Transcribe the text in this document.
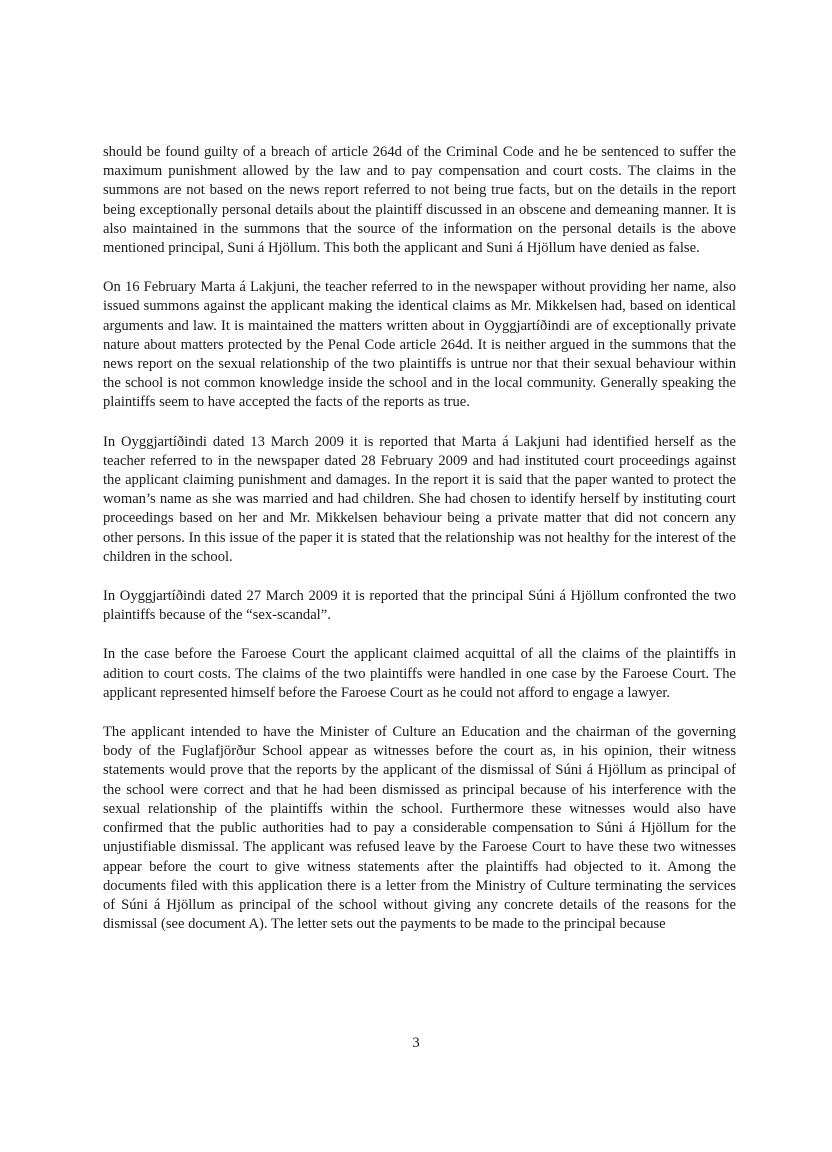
should be found guilty of a breach of article 264d of the Criminal Code and he be sentenced to suffer the maximum punishment allowed by the law and to pay compensation and court costs. The claims in the summons are not based on the news report referred to not being true facts, but on the details in the report being exceptionally personal details about the plaintiff discussed in an obscene and demeaning manner. It is also maintained in the summons that the source of the information on the personal details is the above mentioned principal, Suni á Hjöllum. This both the applicant and Suni á Hjöllum have denied as false.

On 16 February Marta á Lakjuni, the teacher referred to in the newspaper without providing her name, also issued summons against the applicant making the identical claims as Mr. Mikkelsen had, based on identical arguments and law. It is maintained the matters written about in Oyggjartíðindi are of exceptionally private nature about matters protected by the Penal Code article 264d. It is neither argued in the summons that the news report on the sexual relationship of the two plaintiffs is untrue nor that their sexual behaviour within the school is not common knowledge inside the school and in the local community. Generally speaking the plaintiffs seem to have accepted the facts of the reports as true.

In Oyggjartíðindi dated 13 March 2009 it is reported that Marta á Lakjuni had identified herself as the teacher referred to in the newspaper dated 28 February 2009 and had instituted court proceedings against the applicant claiming punishment and damages. In the report it is said that the paper wanted to protect the woman’s name as she was married and had children. She had chosen to identify herself by instituting court proceedings based on her and Mr. Mikkelsen behaviour being a private matter that did not concern any other persons. In this issue of the paper it is stated that the relationship was not healthy for the interest of the children in the school.

In Oyggjartíðindi dated 27 March 2009 it is reported that the principal Súni á Hjöllum confronted the two plaintiffs because of the “sex-scandal”.

In the case before the Faroese Court the applicant claimed acquittal of all the claims of the plaintiffs in adition to court costs. The claims of the two plaintiffs were handled in one case by the Faroese Court. The applicant represented himself before the Faroese Court as he could not afford to engage a lawyer.

The applicant intended to have the Minister of Culture an Education and the chairman of the governing body of the Fuglafjörður School appear as witnesses before the court as, in his opinion, their witness statements would prove that the reports by the applicant of the dismissal of Súni á Hjöllum as principal of the school were correct and that he had been dismissed as principal because of his interference with the sexual relationship of the plaintiffs within the school. Furthermore these witnesses would also have confirmed that the public authorities had to pay a considerable compensation to Súni á Hjöllum for the unjustifiable dismissal. The applicant was refused leave by the Faroese Court to have these two witnesses appear before the court to give witness statements after the plaintiffs had objected to it. Among the documents filed with this application there is a letter from the Ministry of Culture terminating the services of Súni á Hjöllum as principal of the school without giving any concrete details of the reasons for the dismissal (see document A). The letter sets out the payments to be made to the principal because

3
